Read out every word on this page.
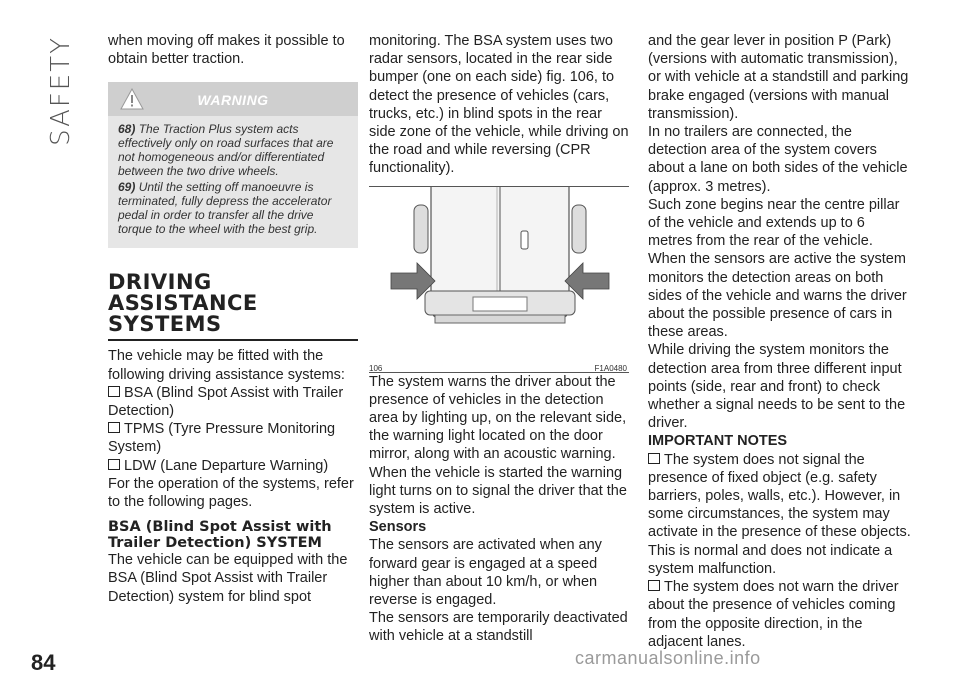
SAFETY
84	carmanualsonline.info

when moving off makes it possible to obtain better traction.

WARNING
68) The Traction Plus system acts effectively only on road surfaces that are not homogeneous and/or differentiated between the two drive wheels.
69) Until the setting off manoeuvre is terminated, fully depress the accelerator pedal in order to transfer all the drive torque to the wheel with the best grip.
DRIVING ASSISTANCE SYSTEMS

The vehicle may be fitted with the following driving assistance systems:

BSA (Blind Spot Assist with Trailer Detection)

TPMS (Tyre Pressure Monitoring System)

LDW (Lane Departure Warning)

For the operation of the systems, refer to the following pages.

BSA (Blind Spot Assist with Trailer Detection) SYSTEM

The vehicle can be equipped with the BSA (Blind Spot Assist with Trailer Detection) system for blind spot

monitoring. The BSA system uses two radar sensors, located in the rear side bumper (one on each side) fig. 106, to detect the presence of vehicles (cars, trucks, etc.) in blind spots in the rear side zone of the vehicle, while driving on the road and while reversing (CPR functionality).

106	F1A0480

The system warns the driver about the presence of vehicles in the detection area by lighting up, on the relevant side, the warning light located on the door mirror, along with an acoustic warning. When the vehicle is started the warning light turns on to signal the driver that the system is active.

Sensors

The sensors are activated when any forward gear is engaged at a speed higher than about 10 km/h, or when reverse is engaged.

The sensors are temporarily deactivated with vehicle at a standstill

and the gear lever in position P (Park) (versions with automatic transmission), or with vehicle at a standstill and parking brake engaged (versions with manual transmission).

In no trailers are connected, the detection area of the system covers about a lane on both sides of the vehicle (approx. 3 metres).

Such zone begins near the centre pillar of the vehicle and extends up to 6 metres from the rear of the vehicle.

When the sensors are active the system monitors the detection areas on both sides of the vehicle and warns the driver about the possible presence of cars in these areas.

While driving the system monitors the detection area from three different input points (side, rear and front) to check whether a signal needs to be sent to the driver.

IMPORTANT NOTES

The system does not signal the presence of fixed object (e.g. safety barriers, poles, walls, etc.). However, in some circumstances, the system may activate in the presence of these objects. This is normal and does not indicate a system malfunction.

The system does not warn the driver about the presence of vehicles coming from the opposite direction, in the adjacent lanes.
